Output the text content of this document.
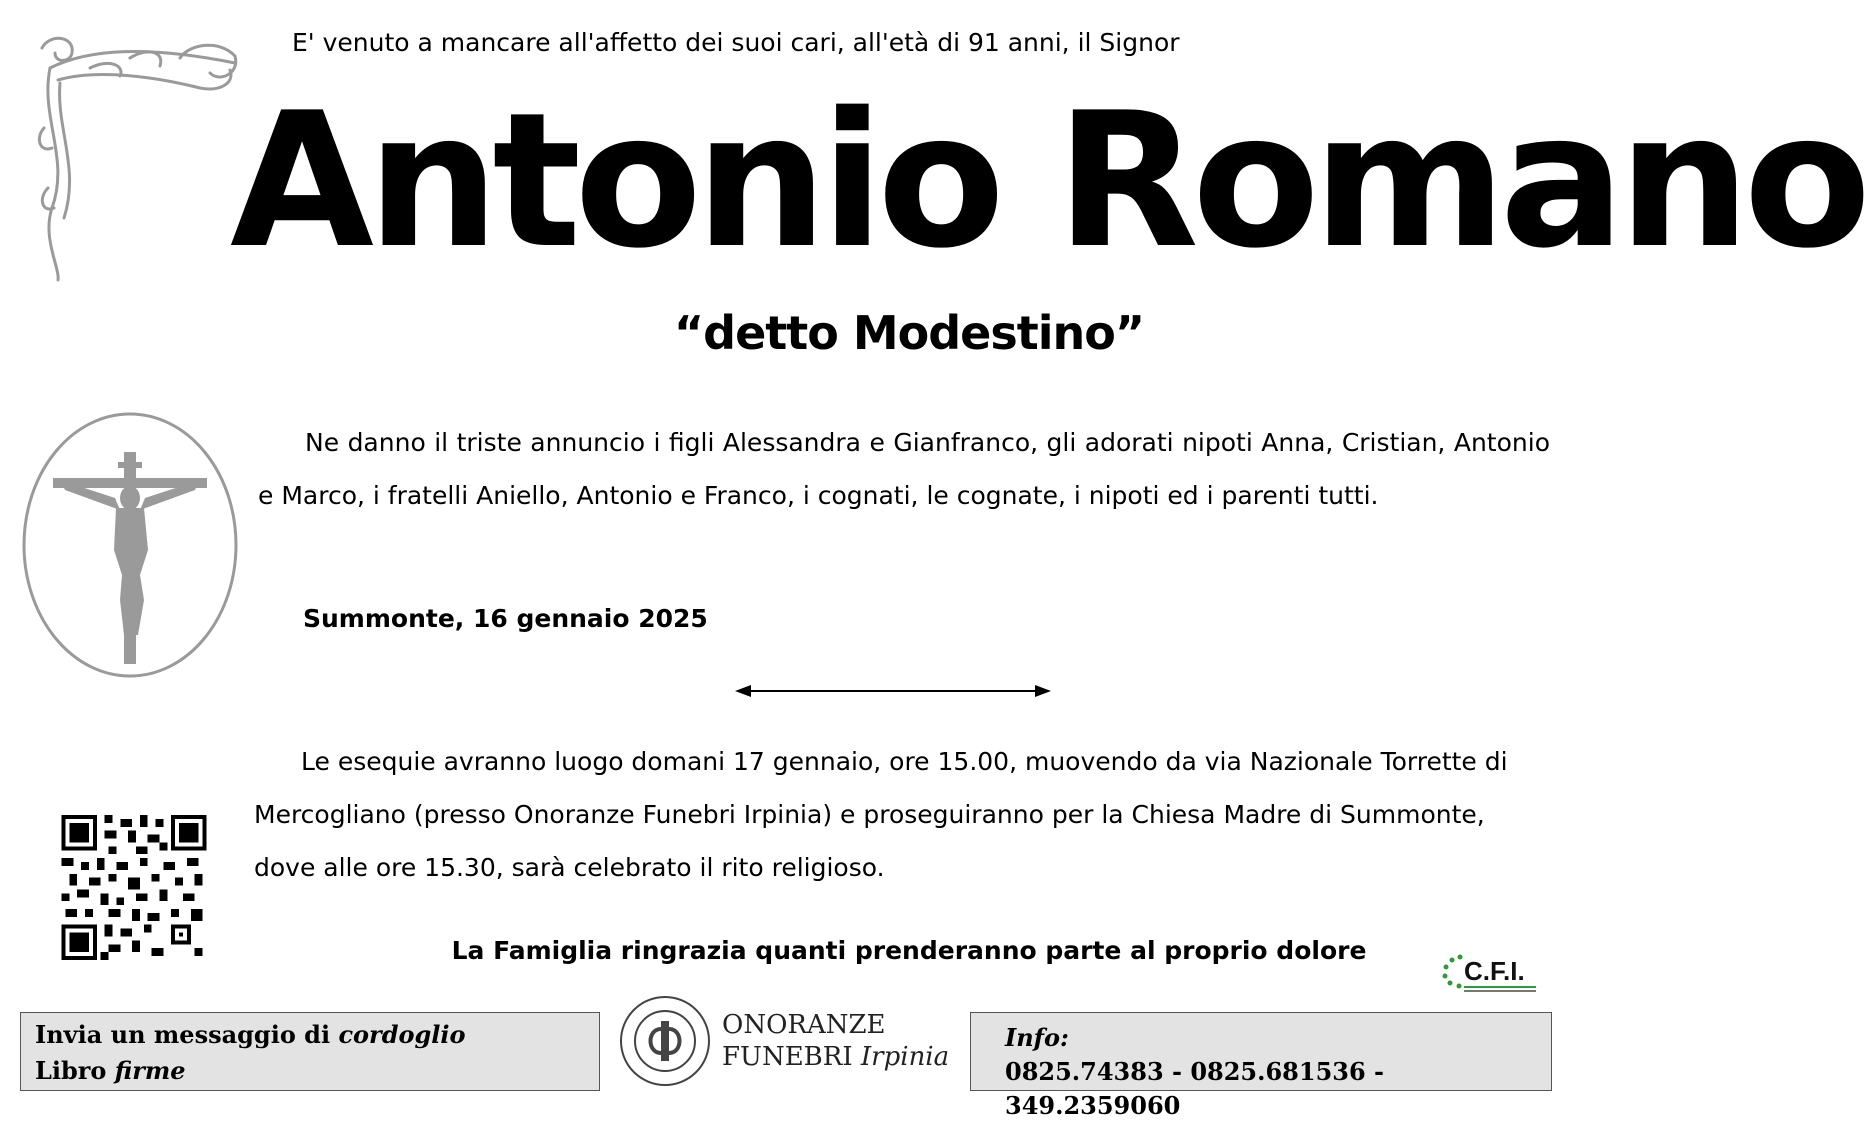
E' venuto a mancare all'affetto dei suoi cari, all'età di 91 anni, il Signor
Antonio Romano
“detto Modestino”
Ne danno il triste annuncio i figli Alessandra e Gianfranco, gli adorati nipoti Anna, Cristian, Antonio e Marco, i fratelli Aniello, Antonio e Franco, i cognati, le cognate, i nipoti ed i parenti tutti.
Summonte, 16 gennaio 2025
Le esequie avranno luogo domani 17 gennaio, ore 15.00, muovendo da via Nazionale Torrette di Mercogliano (presso Onoranze Funebri Irpinia) e proseguiranno per la Chiesa Madre di Summonte, dove alle ore 15.30, sarà celebrato il rito religioso.
La Famiglia ringrazia quanti prenderanno parte al proprio dolore
C.F.I.
Invia un messaggio di cordoglio
Libro firme
ONORANZE
FUNEBRI Irpinia
Info:
0825.74383 - 0825.681536 - 349.2359060
